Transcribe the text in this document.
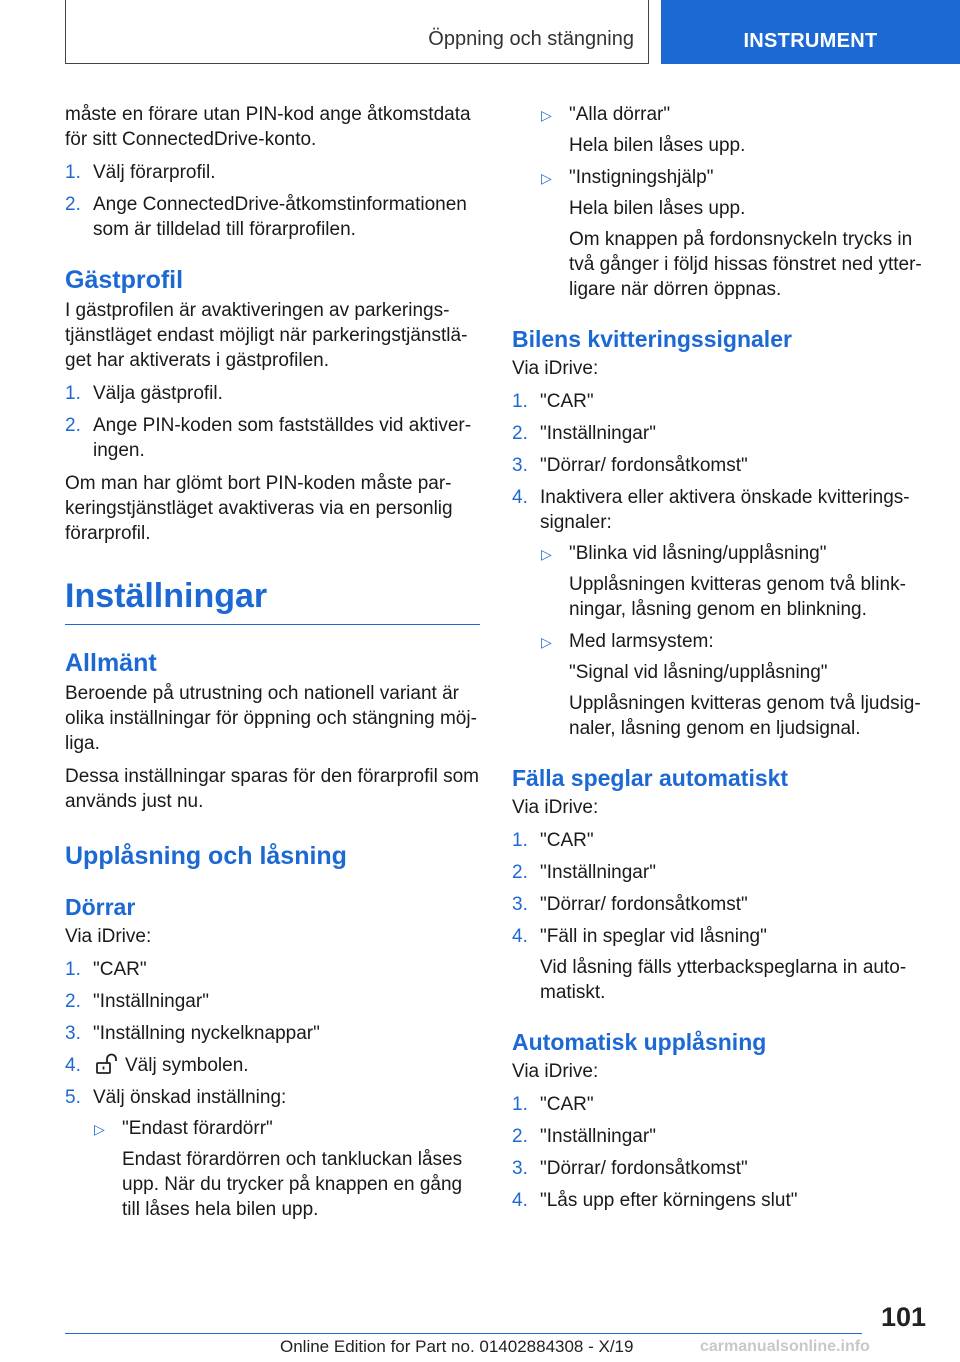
Öppning och stängning	INSTRUMENT

måste en förare utan PIN-kod ange åtkomstdata för sitt ConnectedDrive-konto.

1. Välj förarprofil.
2. Ange ConnectedDrive-åtkomstinformationen som är tilldelad till förarprofilen.
Gästprofil

I gästprofilen är avaktiveringen av parkeringstjänstläget endast möjligt när parkeringstjänstläget har aktiverats i gästprofilen.

1. Välja gästprofil.
2. Ange PIN-koden som fastställdes vid aktiveringen.

Om man har glömt bort PIN-koden måste parkeringstjänstläget avaktiveras via en personlig förarprofil.

Inställningar
Allmänt

Beroende på utrustning och nationell variant är olika inställningar för öppning och stängning möjliga.

Dessa inställningar sparas för den förarprofil som används just nu.

Upplåsning och låsning
Dörrar

Via iDrive:

1. "CAR"
2. "Inställningar"
3. "Inställning nyckelknappar"
4. Välj symbolen.
5. Välj önskad inställning:
▷ "Endast förardörr"
Endast förardörren och tankluckan låses upp. När du trycker på knappen en gång till låses hela bilen upp.
▷ "Alla dörrar"
Hela bilen låses upp.
▷ "Instigningshjälp"
Hela bilen låses upp.
Om knappen på fordonsnyckeln trycks in två gånger i följd hissas fönstret ned ytterligare när dörren öppnas.
Bilens kvitteringssignaler

Via iDrive:

1. "CAR"
2. "Inställningar"
3. "Dörrar/ fordonsåtkomst"
4. Inaktivera eller aktivera önskade kvitteringssignaler:
▷ "Blinka vid låsning/upplåsning"
Upplåsningen kvitteras genom två blinkningar, låsning genom en blinkning.
▷ Med larmsystem:
"Signal vid låsning/upplåsning"
Upplåsningen kvitteras genom två ljudsignaler, låsning genom en ljudsignal.
Fälla speglar automatiskt

Via iDrive:

1. "CAR"
2. "Inställningar"
3. "Dörrar/ fordonsåtkomst"
4. "Fäll in speglar vid låsning"
Vid låsning fälls ytterbackspeglarna in automatiskt.
Automatisk upplåsning

Via iDrive:

1. "CAR"
2. "Inställningar"
3. "Dörrar/ fordonsåtkomst"
4. "Lås upp efter körningens slut"
101
Online Edition for Part no. 01402884308 - X/19	carmanualsonline.info
